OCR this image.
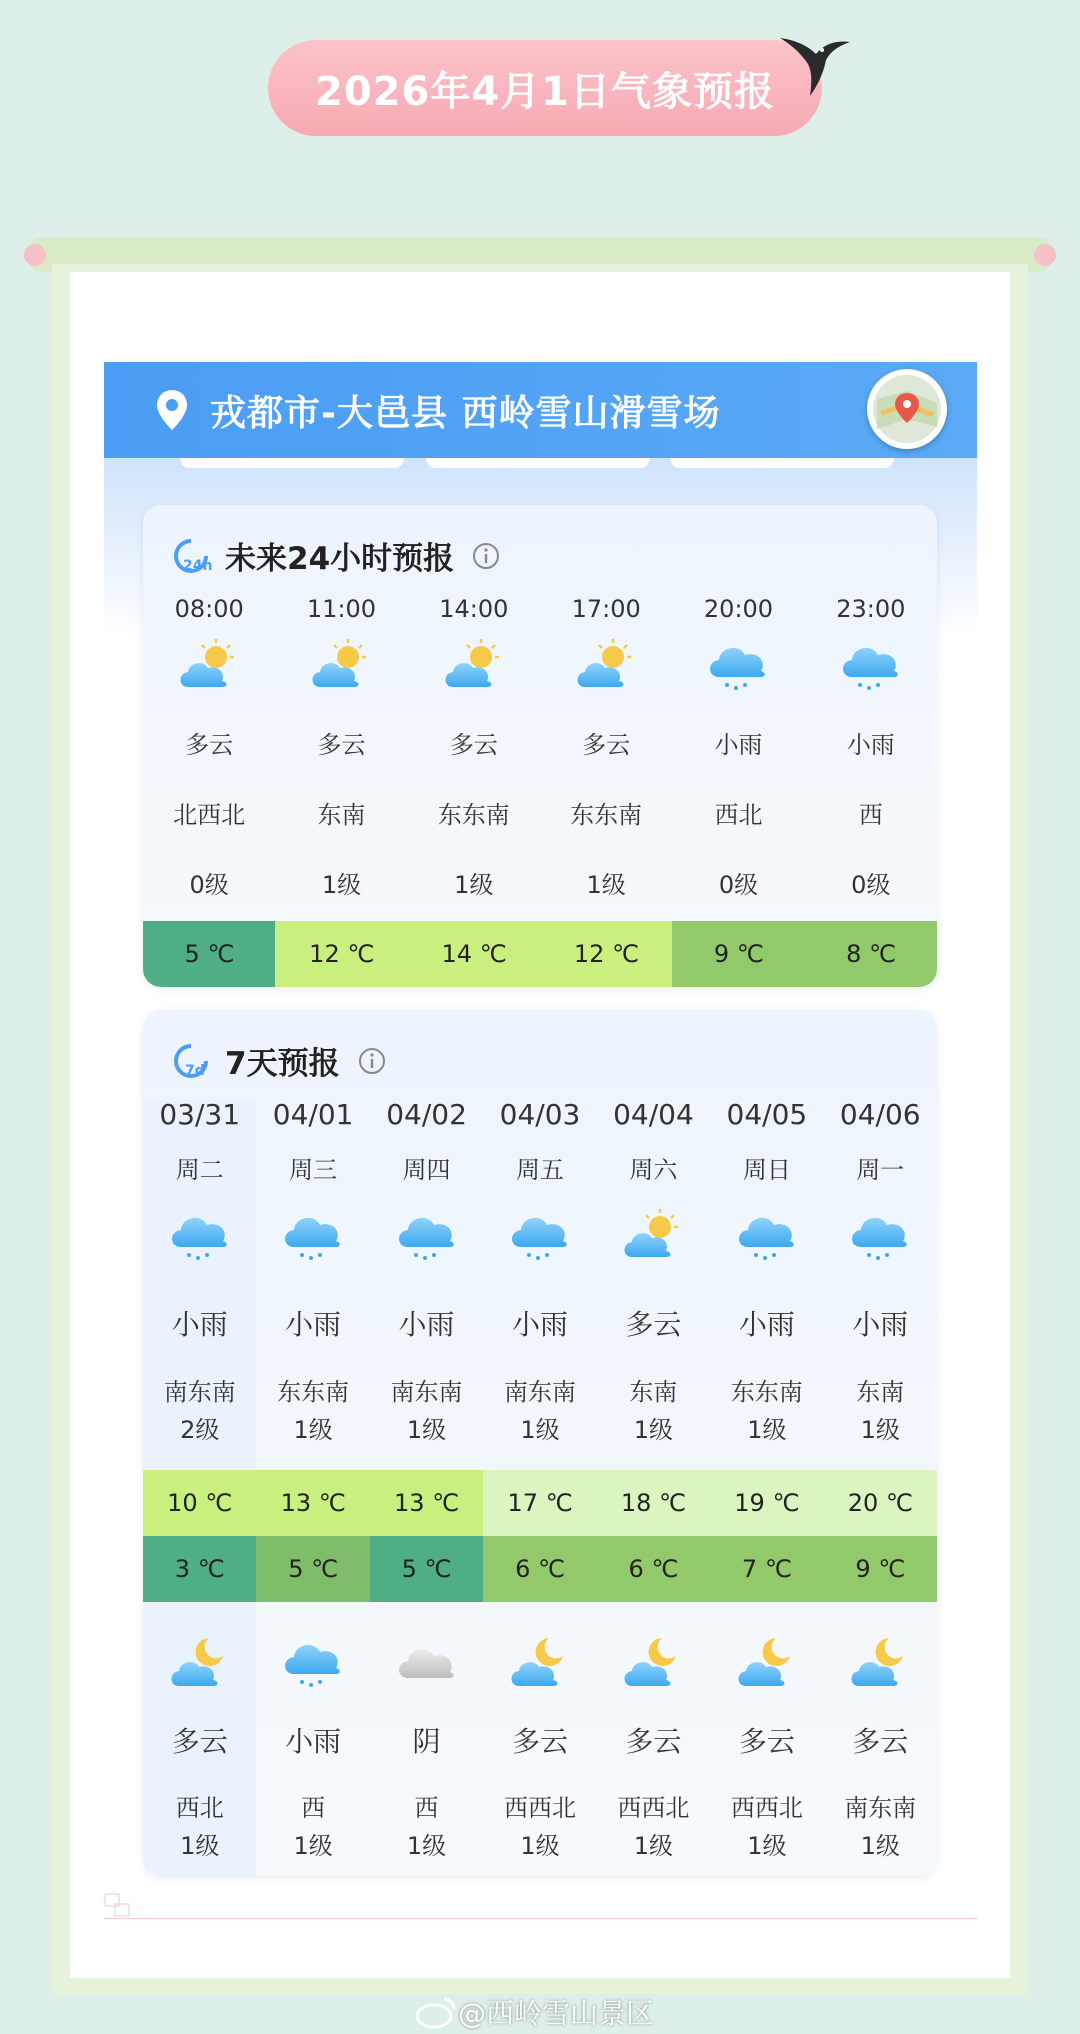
2026年4月1日气象预报
戎都市-大邑县 西岭雪山滑雪场
24h 未来24小时预报
08:00
多云
北西北
0级
5 ℃
11:00
多云
东南
1级
12 ℃
14:00
多云
东东南
1级
14 ℃
17:00
多云
东东南
1级
12 ℃
20:00
小雨
西北
0级
9 ℃
23:00
小雨
西
0级
8 ℃
7d 7天预报
03/31
周二
小雨
南东南
2级
10 ℃
3 ℃
多云
西北
1级
04/01
周三
小雨
东东南
1级
13 ℃
5 ℃
小雨
西
1级
04/02
周四
小雨
南东南
1级
13 ℃
5 ℃
阴
西
1级
04/03
周五
小雨
南东南
1级
17 ℃
6 ℃
多云
西西北
1级
04/04
周六
多云
东南
1级
18 ℃
6 ℃
多云
西西北
1级
04/05
周日
小雨
东东南
1级
19 ℃
7 ℃
多云
西西北
1级
04/06
周一
小雨
东南
1级
20 ℃
9 ℃
多云
南东南
1级
@西岭雪山景区
